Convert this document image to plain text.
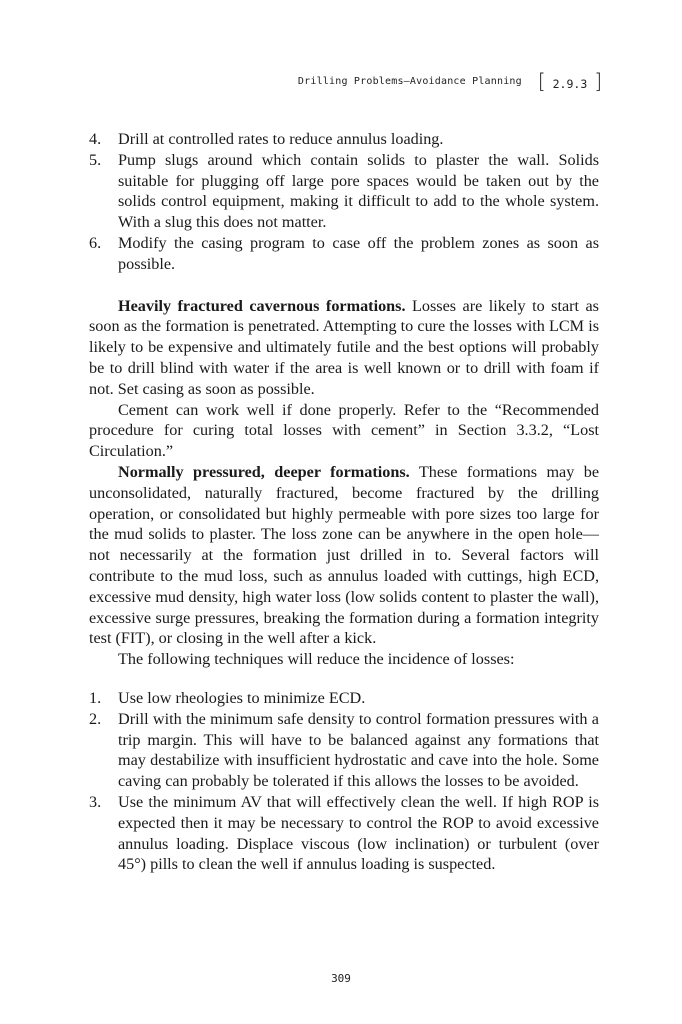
Drilling Problems—Avoidance Planning [ 2.9.3 ]
4. Drill at controlled rates to reduce annulus loading.
5. Pump slugs around which contain solids to plaster the wall. Solids suitable for plugging off large pore spaces would be taken out by the solids control equipment, making it difficult to add to the whole system. With a slug this does not matter.
6. Modify the casing program to case off the problem zones as soon as possible.

Heavily fractured cavernous formations. Losses are likely to start as soon as the formation is penetrated. Attempting to cure the losses with LCM is likely to be expensive and ultimately futile and the best options will probably be to drill blind with water if the area is well known or to drill with foam if not. Set casing as soon as possible.

Cement can work well if done properly. Refer to the “Recommended procedure for curing total losses with cement” in Section 3.3.2, “Lost Circulation.”

Normally pressured, deeper formations. These formations may be unconsolidated, naturally fractured, become fractured by the drilling operation, or consolidated but highly permeable with pore sizes too large for the mud solids to plaster. The loss zone can be anywhere in the open hole—not necessarily at the formation just drilled in to. Several factors will contribute to the mud loss, such as annulus loaded with cuttings, high ECD, excessive mud density, high water loss (low solids content to plaster the wall), excessive surge pressures, breaking the formation during a formation integrity test (FIT), or closing in the well after a kick.

The following techniques will reduce the incidence of losses:

1. Use low rheologies to minimize ECD.
2. Drill with the minimum safe density to control formation pressures with a trip margin. This will have to be balanced against any formations that may destabilize with insufficient hydrostatic and cave into the hole. Some caving can probably be tolerated if this allows the losses to be avoided.
3. Use the minimum AV that will effectively clean the well. If high ROP is expected then it may be necessary to control the ROP to avoid excessive annulus loading. Displace viscous (low inclination) or turbulent (over 45°) pills to clean the well if annulus loading is suspected.
309
